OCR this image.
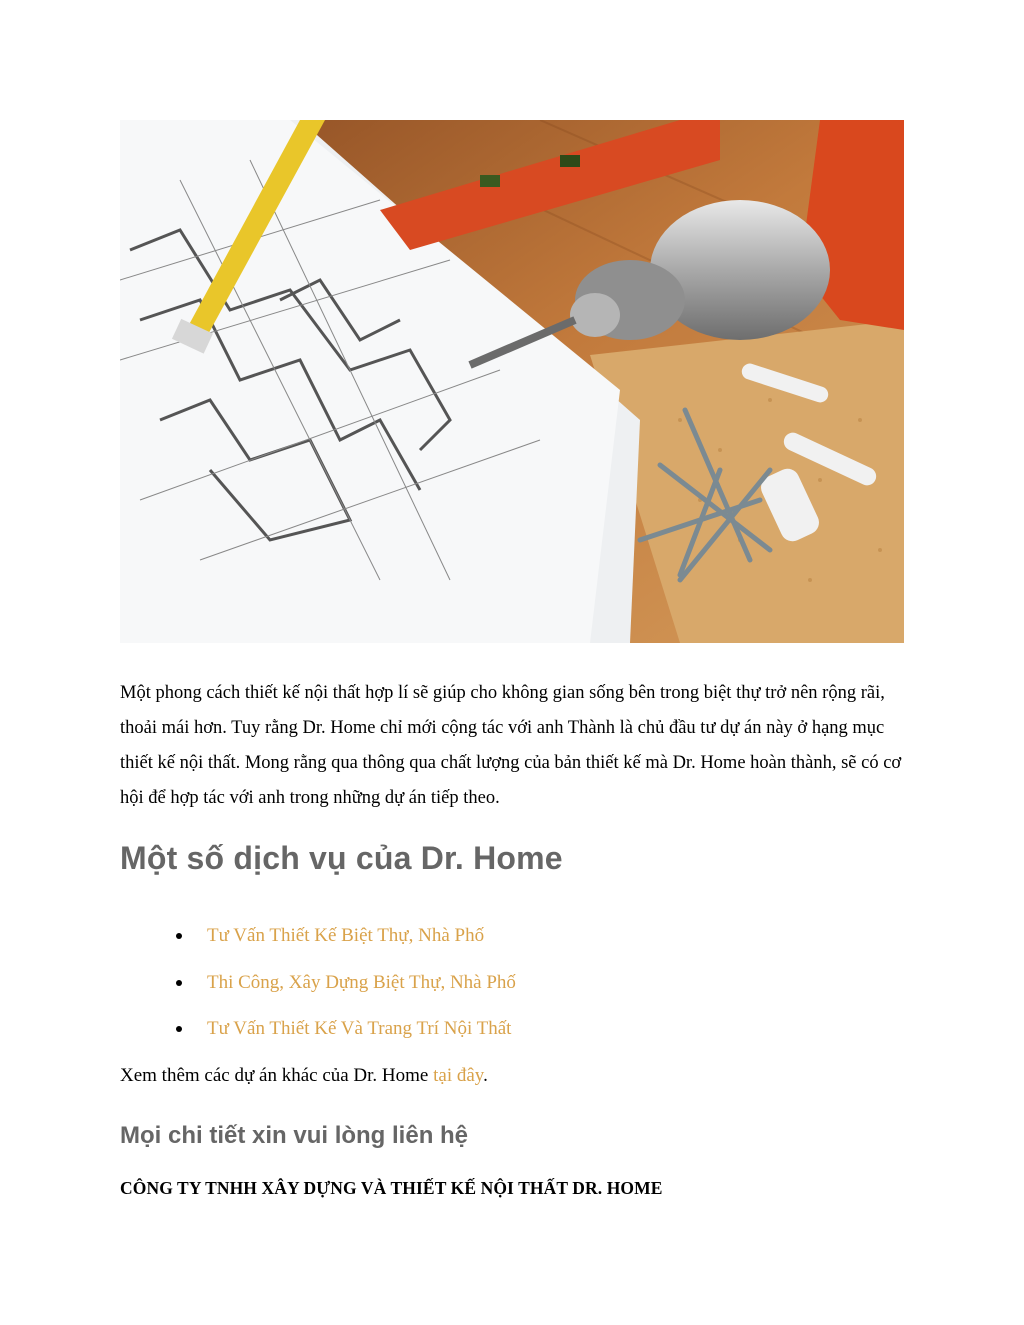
Một phong cách thiết kế nội thất hợp lí sẽ giúp cho không gian sống bên trong biệt thự trở nên rộng rãi, thoải mái hơn. Tuy rằng Dr. Home chỉ mới cộng tác với anh Thành là chủ đầu tư dự án này ở hạng mục thiết kế nội thất. Mong rằng qua thông qua chất lượng của bản thiết kế mà Dr. Home hoàn thành, sẽ có cơ hội để hợp tác với anh trong những dự án tiếp theo.

Một số dịch vụ của Dr. Home
Tư Vấn Thiết Kế Biệt Thự, Nhà Phố
Thi Công, Xây Dựng Biệt Thự, Nhà Phố
Tư Vấn Thiết Kế Và Trang Trí Nội Thất

Xem thêm các dự án khác của Dr. Home tại đây.

Mọi chi tiết xin vui lòng liên hệ

CÔNG TY TNHH XÂY DỰNG VÀ THIẾT KẾ NỘI THẤT DR. HOME
